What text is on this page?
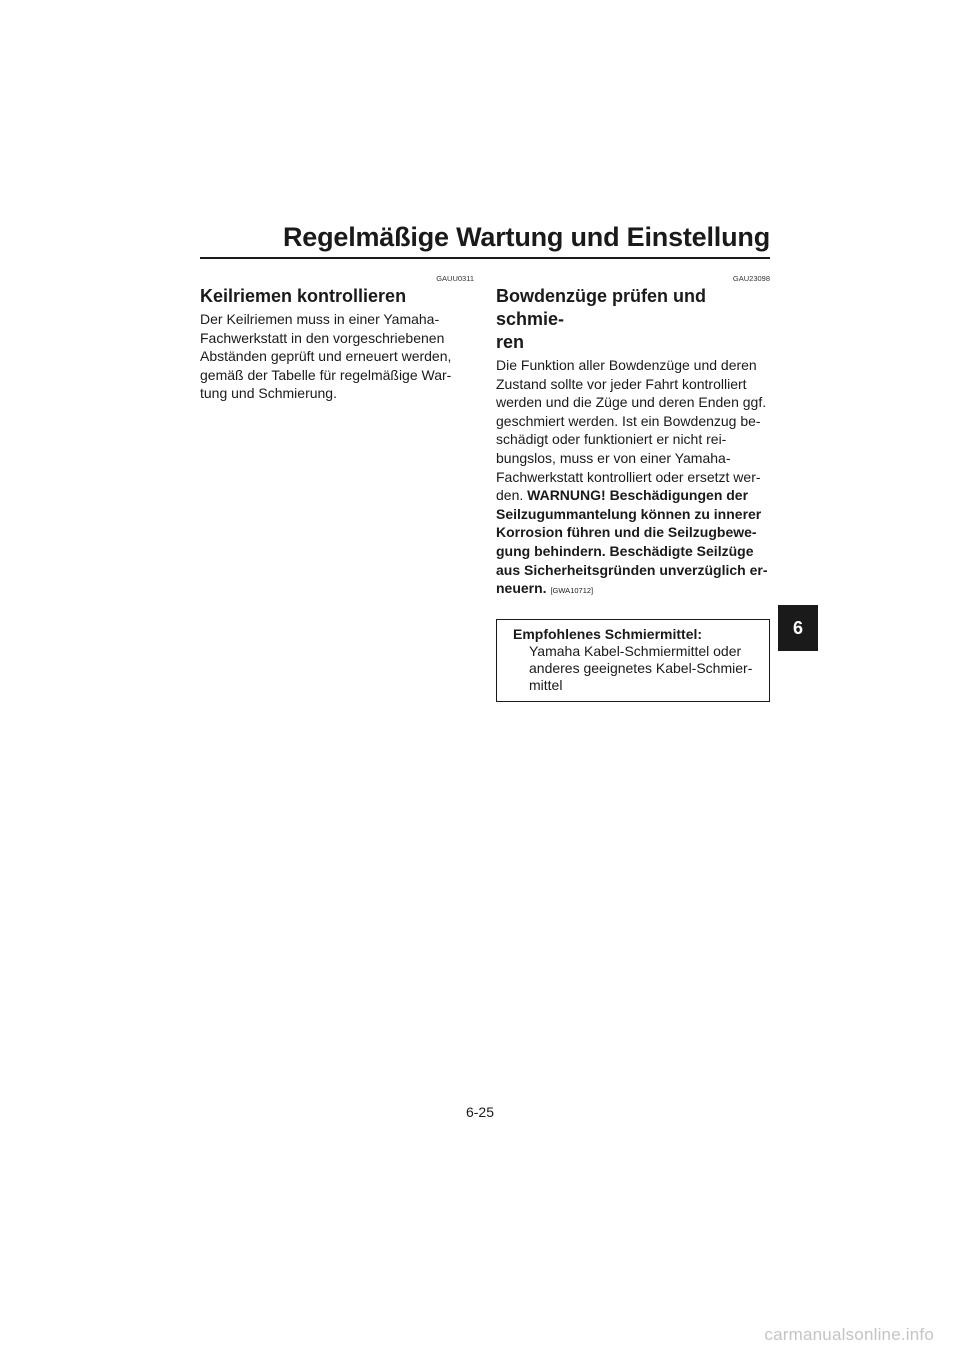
Regelmäßige Wartung und Einstellung
6
GAUU0311
Keilriemen kontrollieren
Der Keilriemen muss in einer Yamaha-
Fachwerkstatt in den vorgeschriebenen
Abständen geprüft und erneuert werden,
gemäß der Tabelle für regelmäßige War-
tung und Schmierung.
GAU23098
Bowdenzüge prüfen und schmie-
ren
Die Funktion aller Bowdenzüge und deren
Zustand sollte vor jeder Fahrt kontrolliert
werden und die Züge und deren Enden ggf.
geschmiert werden. Ist ein Bowdenzug be-
schädigt oder funktioniert er nicht rei-
bungslos, muss er von einer Yamaha-
Fachwerkstatt kontrolliert oder ersetzt wer-
den. WARNUNG! Beschädigungen der
Seilzugummantelung können zu innerer
Korrosion führen und die Seilzugbewe-
gung behindern. Beschädigte Seilzüge
aus Sicherheitsgründen unverzüglich er-
neuern. [GWA10712]
Empfohlenes Schmiermittel:
Yamaha Kabel-Schmiermittel oder
anderes geeignetes Kabel-Schmier-
mittel
6-25
carmanualsonline.info
